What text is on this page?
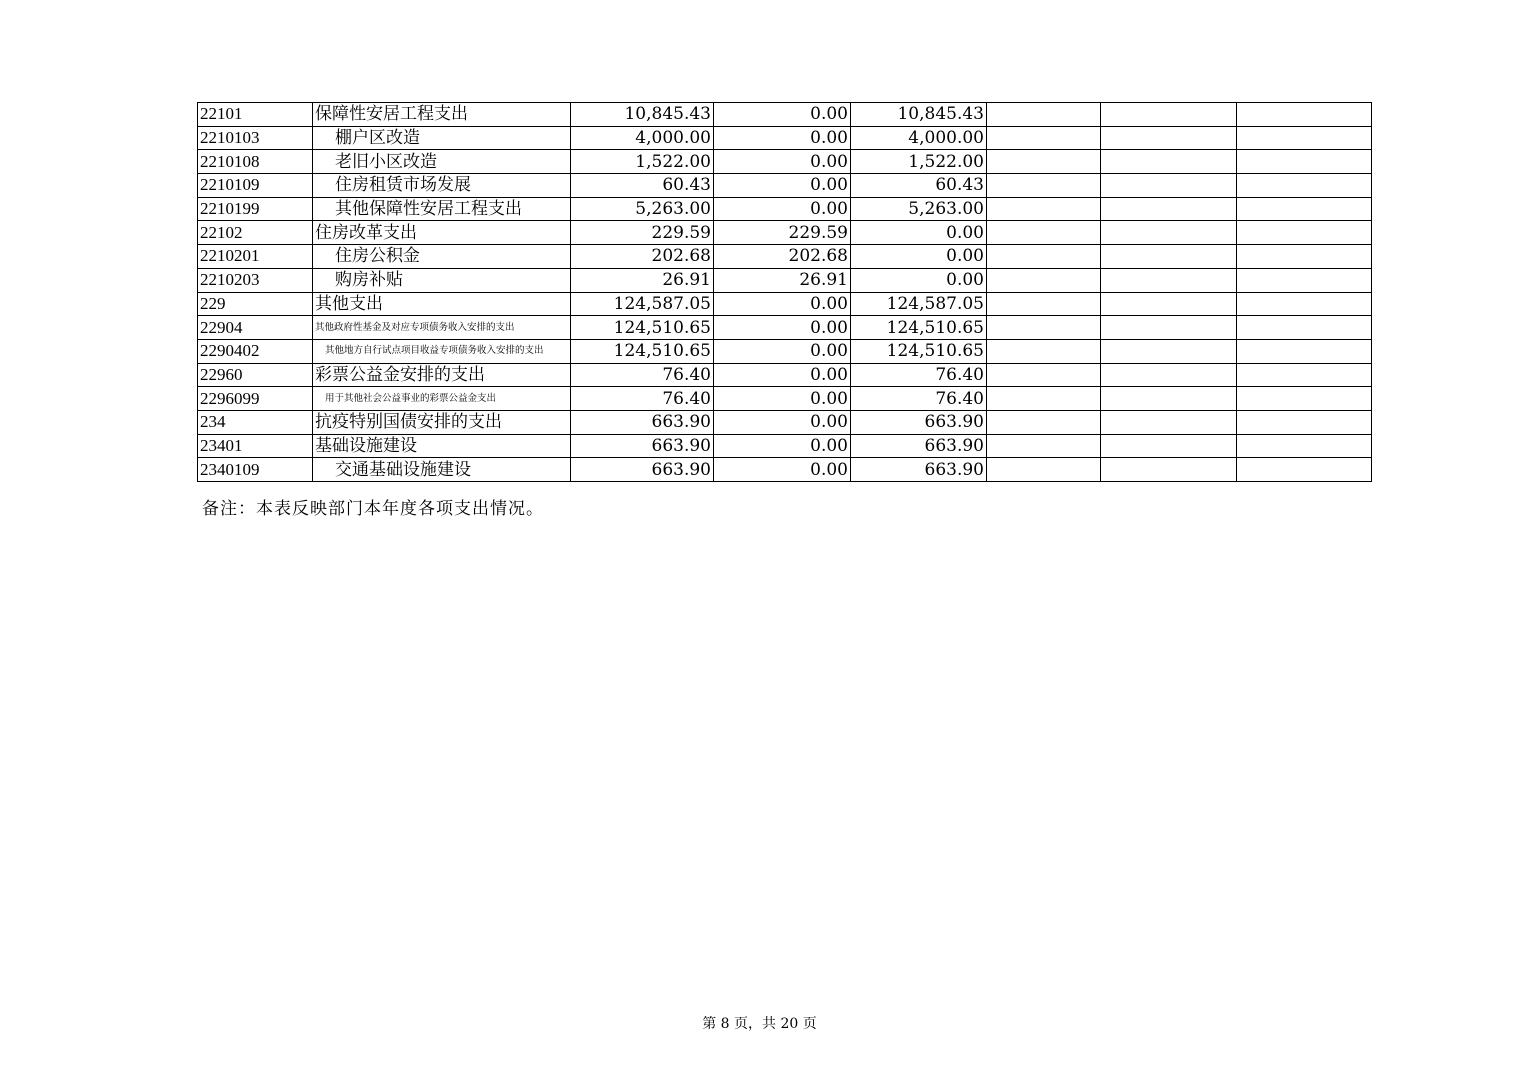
22101	保障性安居工程支出	10,845.43	0.00	10,845.43			
2210103	棚户区改造	4,000.00	0.00	4,000.00			
2210108	老旧小区改造	1,522.00	0.00	1,522.00			
2210109	住房租赁市场发展	60.43	0.00	60.43			
2210199	其他保障性安居工程支出	5,263.00	0.00	5,263.00			
22102	住房改革支出	229.59	229.59	0.00			
2210201	住房公积金	202.68	202.68	0.00			
2210203	购房补贴	26.91	26.91	0.00			
229	其他支出	124,587.05	0.00	124,587.05			
22904	其他政府性基金及对应专项债务收入安排的支出	124,510.65	0.00	124,510.65			
2290402	其他地方自行试点项目收益专项债务收入安排的支出	124,510.65	0.00	124,510.65			
22960	彩票公益金安排的支出	76.40	0.00	76.40			
2296099	用于其他社会公益事业的彩票公益金支出	76.40	0.00	76.40			
234	抗疫特别国债安排的支出	663.90	0.00	663.90			
23401	基础设施建设	663.90	0.00	663.90			
2340109	交通基础设施建设	663.90	0.00	663.90			
备注：本表反映部门本年度各项支出情况。
第 8 页，共 20 页
